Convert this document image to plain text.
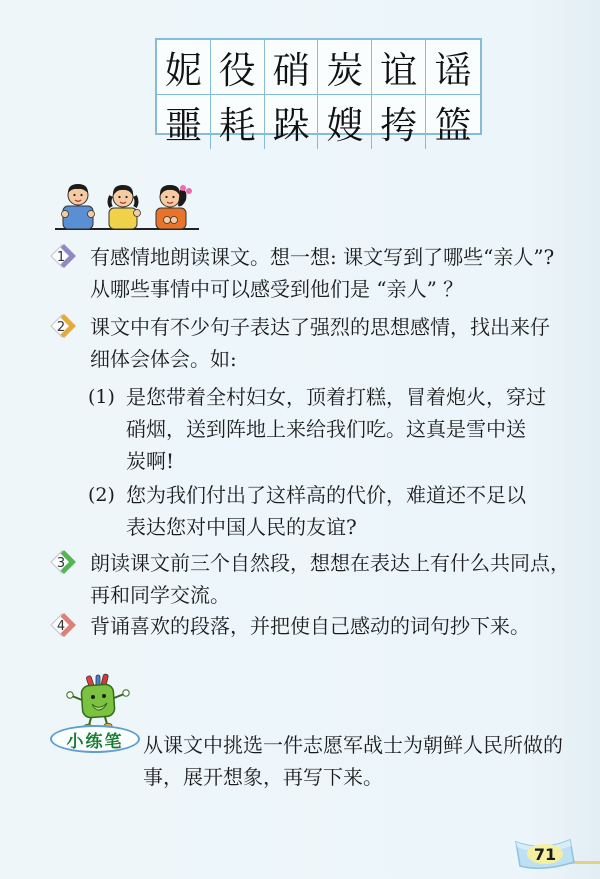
妮 役 硝 炭 谊 谣
噩 耗 跺 嫂 挎 篮
1 有感情地朗读课文。想一想: 课文写到了哪些“亲人”?
从哪些事情中可以感受到他们是 “亲人” ？
2 课文中有不少句子表达了强烈的思想感情，找出来仔
细体会体会。如:
(1) 是您带着全村妇女，顶着打糕，冒着炮火，穿过
硝烟，送到阵地上来给我们吃。这真是雪中送
炭啊!
(2) 您为我们付出了这样高的代价，难道还不足以
表达您对中国人民的友谊?
3 朗读课文前三个自然段，想想在表达上有什么共同点，
再和同学交流。
4 背诵喜欢的段落，并把使自己感动的词句抄下来。
小练笔 从课文中挑选一件志愿军战士为朝鲜人民所做的
事，展开想象，再写下来。
71
